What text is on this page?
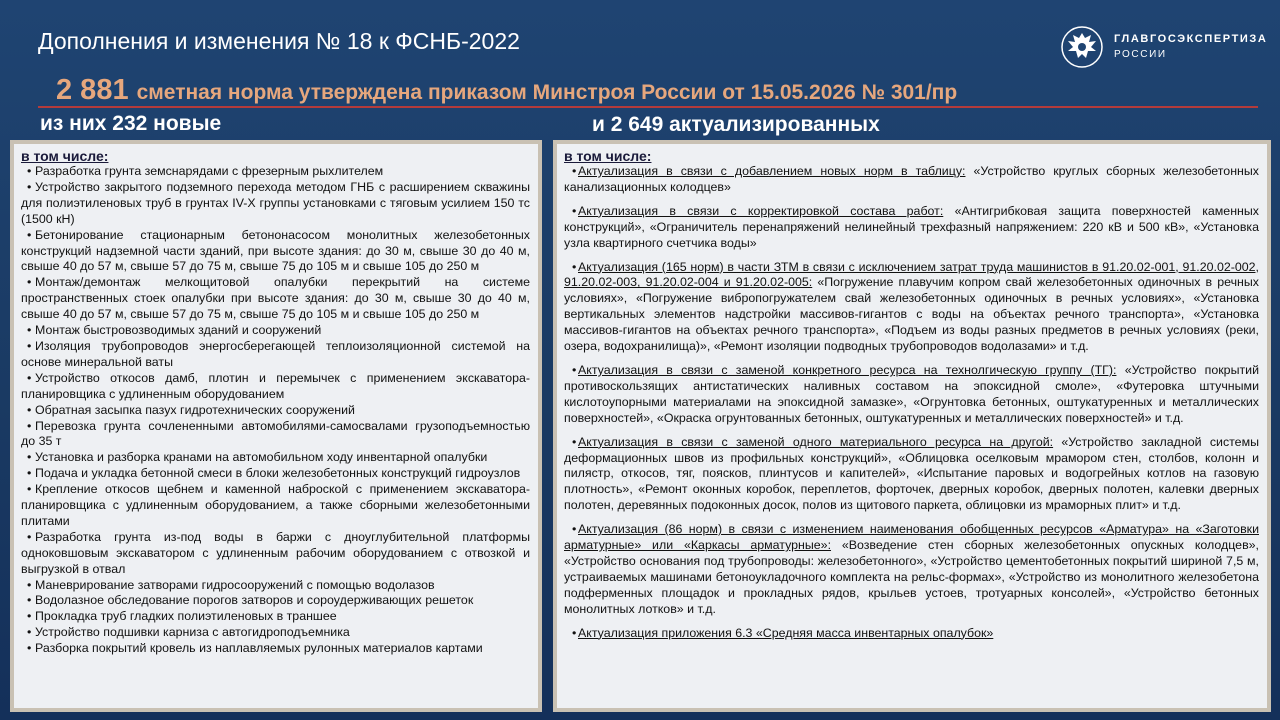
Дополнения и изменения № 18 к ФСНБ-2022	ГЛАВГОСЭКСПЕРТИЗА
РОССИИ
2 881 сметная норма утверждена приказом Минстроя России от 15.05.2026 № 301/пр
из них 232 новые	и 2 649 актуализированных
в том числе:
• Разработка грунта земснарядами с фрезерным рыхлителем
• Устройство закрытого подземного перехода методом ГНБ с расширением скважины для полиэтиленовых труб в грунтах IV-X группы установками с тяговым усилием 150 тс (1500 кН)
• Бетонирование стационарным бетононасосом монолитных железобетонных конструкций надземной части зданий, при высоте здания: до 30 м, свыше 30 до 40 м, свыше 40 до 57 м, свыше 57 до 75 м, свыше 75 до 105 м и свыше 105 до 250 м
• Монтаж/демонтаж мелкощитовой опалубки перекрытий на системе пространственных стоек опалубки при высоте здания: до 30 м, свыше 30 до 40 м, свыше 40 до 57 м, свыше 57 до 75 м, свыше 75 до 105 м и свыше 105 до 250 м
• Монтаж быстровозводимых зданий и сооружений
• Изоляция трубопроводов энергосберегающей теплоизоляционной системой на основе минеральной ваты
• Устройство откосов дамб, плотин и перемычек с применением экскаватора-планировщика с удлиненным оборудованием
• Обратная засыпка пазух гидротехнических сооружений
• Перевозка грунта сочлененными автомобилями-самосвалами грузоподъемностью до 35 т
• Установка и разборка кранами на автомобильном ходу инвентарной опалубки
• Подача и укладка бетонной смеси в блоки железобетонных конструкций гидроузлов
• Крепление откосов щебнем и каменной наброской с применением экскаватора-планировщика с удлиненным оборудованием, а также сборными железобетонными плитами
• Разработка грунта из-под воды в баржи с дноуглубительной платформы одноковшовым экскаватором с удлиненным рабочим оборудованием с отвозкой и выгрузкой в отвал
• Маневрирование затворами гидросооружений с помощью водолазов
• Водолазное обследование порогов затворов и сороудерживающих решеток
• Прокладка труб гладких полиэтиленовых в траншее
• Устройство подшивки карниза с автогидроподъемника
• Разборка покрытий кровель из наплавляемых рулонных материалов картами
в том числе:
• Актуализация в связи с добавлением новых норм в таблицу: «Устройство круглых сборных железобетонных канализационных колодцев»
• Актуализация в связи с корректировкой состава работ: «Антигрибковая защита поверхностей каменных конструкций», «Ограничитель перенапряжений нелинейный трехфазный напряжением: 220 кВ и 500 кВ», «Установка узла квартирного счетчика воды»
• Актуализация (165 норм) в части ЗТМ в связи с исключением затрат труда машинистов в 91.20.02-001, 91.20.02-002, 91.20.02-003, 91.20.02-004 и 91.20.02-005: «Погружение плавучим копром свай железобетонных одиночных в речных условиях», «Погружение вибропогружателем свай железобетонных одиночных в речных условиях», «Установка вертикальных элементов надстройки массивов-гигантов с воды на объектах речного транспорта», «Установка массивов-гигантов на объектах речного транспорта», «Подъем из воды разных предметов в речных условиях (реки, озера, водохранилища)», «Ремонт изоляции подводных трубопроводов водолазами» и т.д.
• Актуализация в связи с заменой конкретного ресурса на технолгическую группу (ТГ): «Устройство покрытий противоскользящих антистатических наливных составом на эпоксидной смоле», «Футеровка штучными кислотоупорными материалами на эпоксидной замазке», «Огрунтовка бетонных, оштукатуренных и металлических поверхностей», «Окраска огрунтованных бетонных, оштукатуренных и металлических поверхностей» и т.д.
• Актуализация в связи с заменой одного материального ресурса на другой: «Устройство закладной системы деформационных швов из профильных конструкций», «Облицовка оселковым мрамором стен, столбов, колонн и пилястр, откосов, тяг, поясков, плинтусов и капителей», «Испытание паровых и водогрейных котлов на газовую плотность», «Ремонт оконных коробок, переплетов, форточек, дверных коробок, дверных полотен, калевки дверных полотен, деревянных подоконных досок, полов из щитового паркета, облицовки из мраморных плит» и т.д.
• Актуализация (86 норм) в связи с изменением наименования обобщенных ресурсов «Арматура» на «Заготовки арматурные» или «Каркасы арматурные»: «Возведение стен сборных железобетонных опускных колодцев», «Устройство основания под трубопроводы: железобетонного», «Устройство цементобетонных покрытий шириной 7,5 м, устраиваемых машинами бетоноукладочного комплекта на рельс-формах», «Устройство из монолитного железобетона подферменных площадок и прокладных рядов, крыльев устоев, тротуарных консолей», «Устройство бетонных монолитных лотков» и т.д.
• Актуализация приложения 6.3 «Средняя масса инвентарных опалубок»
